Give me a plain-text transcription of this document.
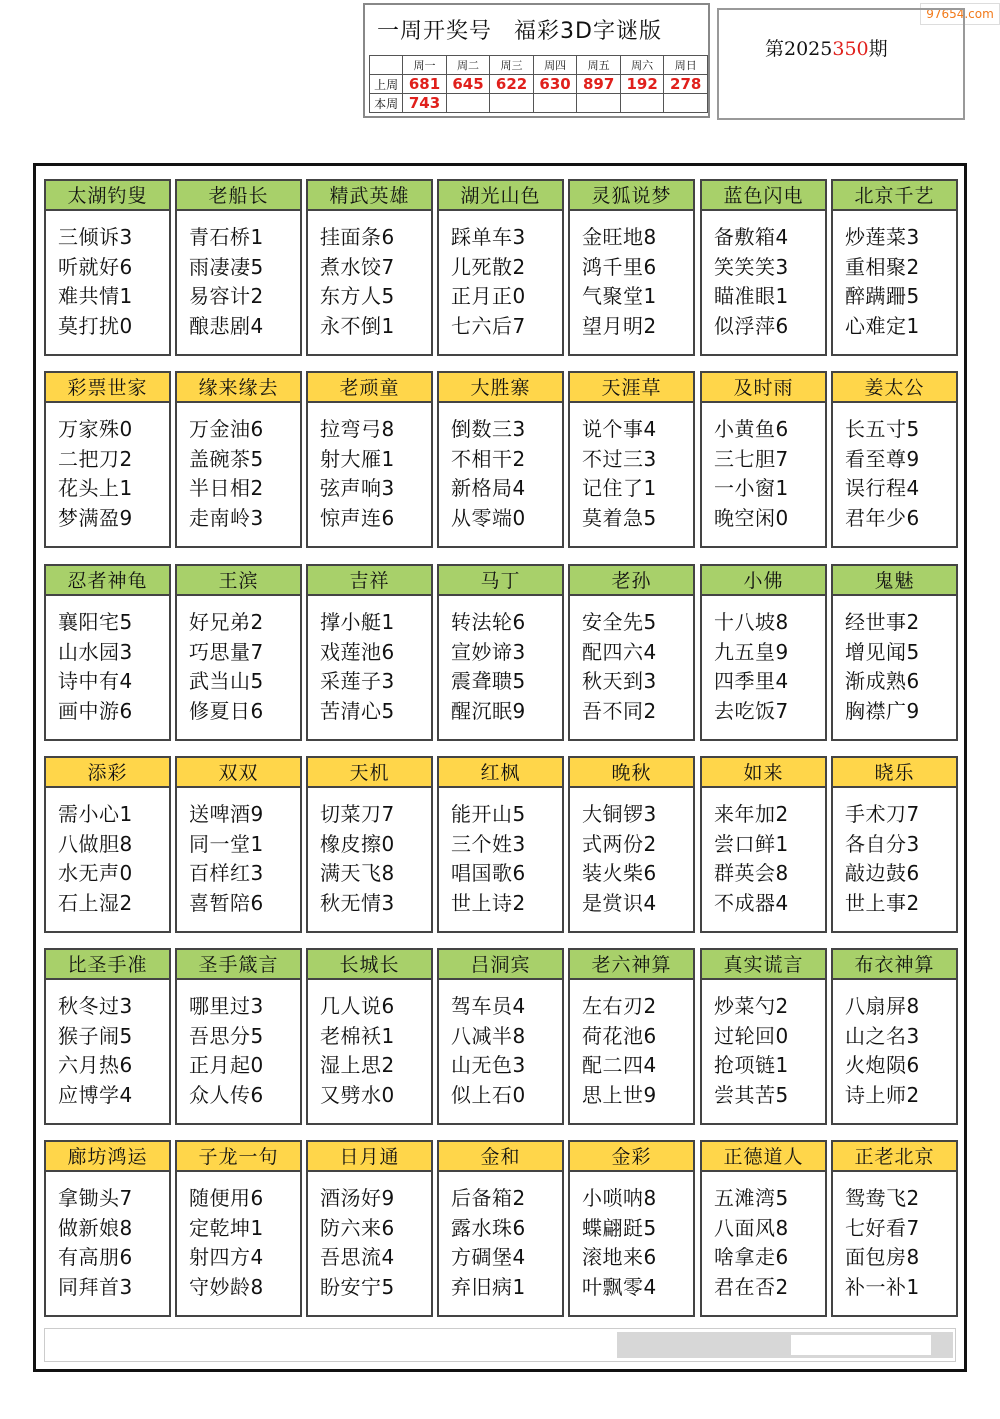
97654.com
一周开奖号 福彩3D字谜版
	周一	周二	周三	周四	周五	周六	周日
上周	681	645	622	630	897	192	278
本周	743						
第2025350期
太湖钓叟
三倾诉3
听就好6
难共情1
莫打扰0
老船长
青石桥1
雨凄凄5
易容计2
酿悲剧4
精武英雄
挂面条6
煮水饺7
东方人5
永不倒1
湖光山色
踩单车3
儿死散2
正月正0
七六后7
灵狐说梦
金旺地8
鸿千里6
气聚堂1
望月明2
蓝色闪电
备敷箱4
笑笑笑3
瞄准眼1
似浮萍6
北京千艺
炒莲菜3
重相聚2
醉蹒跚5
心难定1
彩票世家
万家殊0
二把刀2
花头上1
梦满盈9
缘来缘去
万金油6
盖碗茶5
半日相2
走南岭3
老顽童
拉弯弓8
射大雁1
弦声响3
惊声连6
大胜寨
倒数三3
不相干2
新格局4
从零端0
天涯草
说个事4
不过三3
记住了1
莫着急5
及时雨
小黄鱼6
三七胆7
一小窗1
晚空闲0
姜太公
长五寸5
看至尊9
误行程4
君年少6
忍者神龟
襄阳宅5
山水园3
诗中有4
画中游6
王滨
好兄弟2
巧思量7
武当山5
修夏日6
吉祥
撑小艇1
戏莲池6
采莲子3
苦清心5
马丁
转法轮6
宣妙谛3
震聋聩5
醒沉眠9
老孙
安全先5
配四六4
秋天到3
吾不同2
小佛
十八坡8
九五皇9
四季里4
去吃饭7
鬼魅
经世事2
增见闻5
渐成熟6
胸襟广9
添彩
需小心1
八做胆8
水无声0
石上湿2
双双
送啤酒9
同一堂1
百样红3
喜暂陪6
天机
切菜刀7
橡皮擦0
满天飞8
秋无情3
红枫
能开山5
三个姓3
唱国歌6
世上诗2
晚秋
大铜锣3
式两份2
装火柴6
是赏识4
如来
来年加2
尝口鲜1
群英会8
不成器4
晓乐
手术刀7
各自分3
敲边鼓6
世上事2
比圣手准
秋冬过3
猴子闹5
六月热6
应博学4
圣手箴言
哪里过3
吾思分5
正月起0
众人传6
长城长
几人说6
老棉袄1
湿上思2
又劈水0
吕洞宾
驾车员4
八减半8
山无色3
似上石0
老六神算
左右刃2
荷花池6
配二四4
思上世9
真实谎言
炒菜勺2
过轮回0
抢项链1
尝其苦5
布衣神算
八扇屏8
山之名3
火炮陨6
诗上师2
廊坊鸿运
拿锄头7
做新娘8
有高朋6
同拜首3
子龙一句
随便用6
定乾坤1
射四方4
守妙龄8
日月通
酒汤好9
防六来6
吾思流4
盼安宁5
金和
后备箱2
露水珠6
方碉堡4
弃旧病1
金彩
小唢呐8
蝶翩跹5
滚地来6
叶飘零4
正德道人
五滩湾5
八面风8
啥拿走6
君在否2
正老北京
鸳鸯飞2
七好看7
面包房8
补一补1
